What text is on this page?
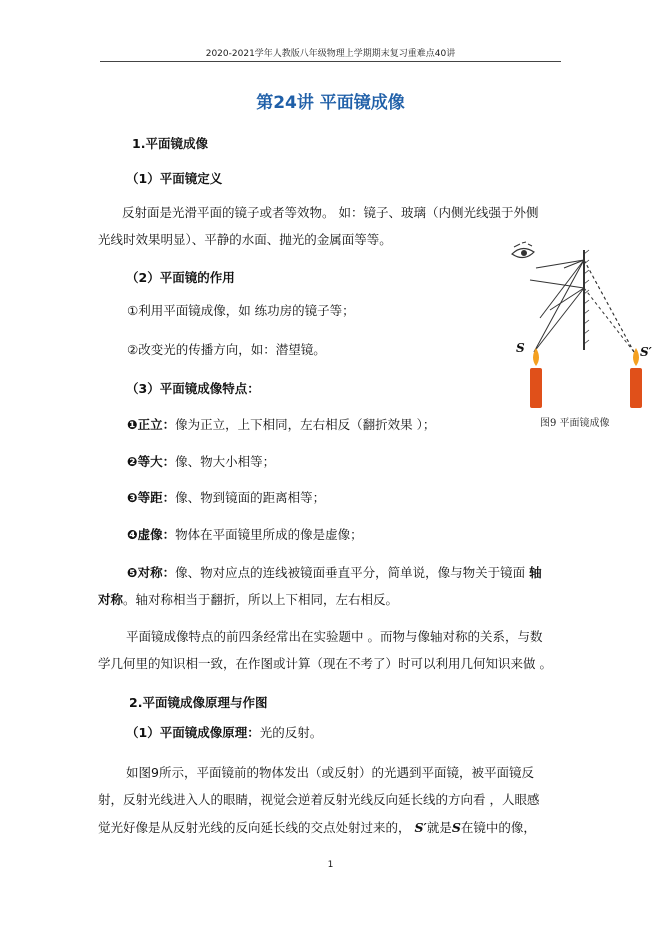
2020-2021学年人教版八年级物理上学期期末复习重难点40讲
第24讲 平面镜成像
1.平面镜成像
（1）平面镜定义
反射面是光滑平面的镜子或者等效物。 如：镜子、玻璃（内侧光线强于外侧
光线时效果明显）、平静的水面、抛光的金属面等等。
（2）平面镜的作用
①利用平面镜成像，如 练功房的镜子等；
②改变光的传播方向，如：潜望镜。
（3）平面镜成像特点：
❶正立：像为正立，上下相同，左右相反（翻折效果 ）；
❷等大：像、物大小相等；
❸等距：像、物到镜面的距离相等；
❹虚像：物体在平面镜里所成的像是虚像；
❺对称：像、物对应点的连线被镜面垂直平分，简单说，像与物关于镜面 轴
对称。轴对称相当于翻折，所以上下相同，左右相反。
平面镜成像特点的前四条经常出在实验题中 。而物与像轴对称的关系，与数
学几何里的知识相一致，在作图或计算（现在不考了）时可以利用几何知识来做 。
2.平面镜成像原理与作图
（1）平面镜成像原理：光的反射。
如图9所示，平面镜前的物体发出（或反射）的光遇到平面镜，被平面镜反
射，反射光线进入人的眼睛，视觉会逆着反射光线反向延长线的方向看 ，人眼感
觉光好像是从反射光线的反向延长线的交点处射过来的， S′就是S在镜中的像，
S	S′
图9 平面镜成像
1
